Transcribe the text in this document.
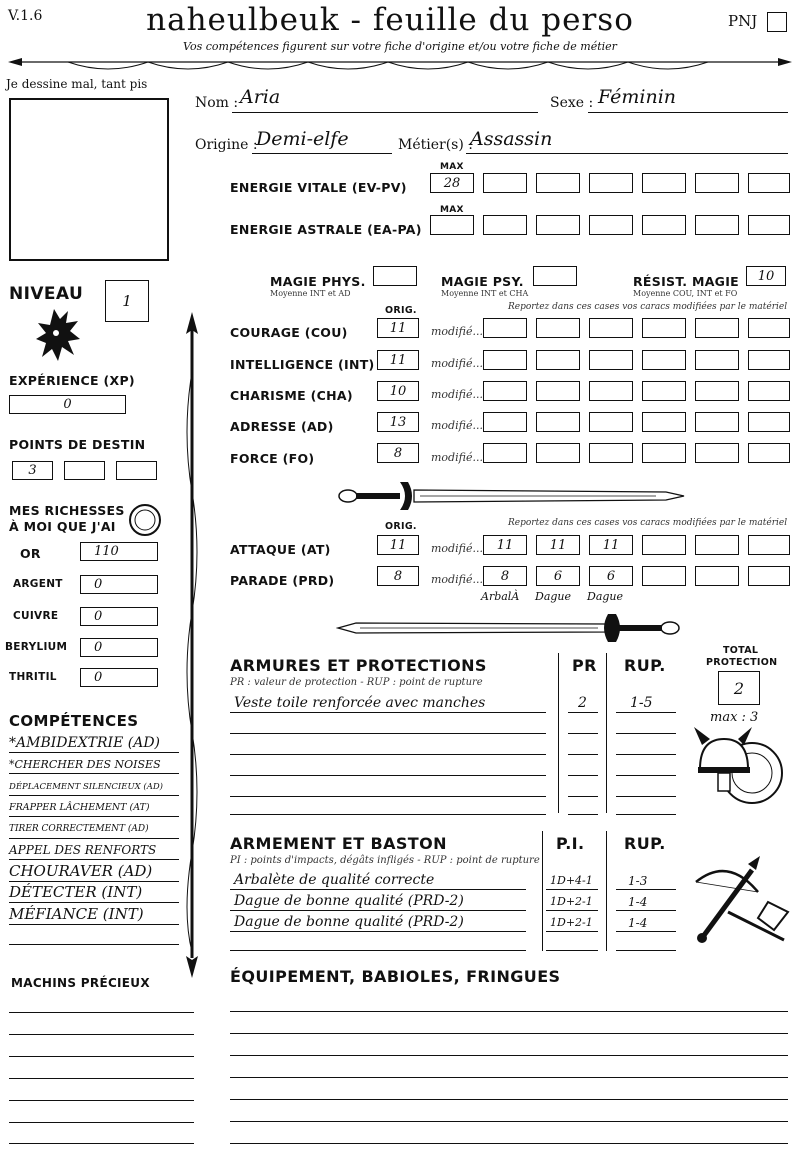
V.1.6	naheulbeuk - feuille du perso
Vos compétences figurent sur votre fiche d'origine et/ou votre fiche de métier
PNJ
Je dessine mal, tant pis
Nom : Aria	Sexe : Féminin
Origine :
Demi-elfe	Métier(s) :
Assassin
MAX
ENERGIE VITALE (EV-PV)	28
MAX
ENERGIE ASTRALE (EA-PA)
MAGIE PHYS.
Moyenne INT et AD
MAGIE PSY.
Moyenne INT et CHA
RÉSIST. MAGIE
Moyenne COU, INT et FO
10
NIVEAU	1
EXPÉRIENCE (XP)
0
POINTS DE DESTIN
3
MES RICHESSES
À MOI QUE J'AI
OR	110
ARGENT	0
CUIVRE	0
BERYLIUM	0
THRITIL	0
COMPÉTENCES
*AMBIDEXTRIE (AD)
*CHERCHER DES NOISES
DÉPLACEMENT SILENCIEUX (AD)
FRAPPER LÂCHEMENT (AT)
TIRER CORRECTEMENT (AD)
APPEL DES RENFORTS
CHOURAVER (AD)
DÉTECTER (INT)
MÉFIANCE (INT)
MACHINS PRÉCIEUX
ORIG.	Reportez dans ces cases vos caracs modifiées par le matériel
COURAGE (COU)	11	modifié...
INTELLIGENCE (INT)	11	modifié...
CHARISME (CHA)	10	modifié...
ADRESSE (AD)	13	modifié...
FORCE (FO)	8	modifié...
ORIG.	Reportez dans ces cases vos caracs modifiées par le matériel
ATTAQUE (AT)	11	modifié...	11	11	11
PARADE (PRD)	8	modifié...	8	6	6
ArbalÀ Dague Dague
ARMURES ET PROTECTIONS
PR : valeur de protection - RUP : point de rupture
PR RUP.
Veste toile renforcée avec manches	2	1-5
TOTAL
PROTECTION
2
max : 3
ARMEMENT ET BASTON
PI : points d'impacts, dégâts infligés - RUP : point de rupture
P.I. RUP.
Arbalète de qualité correcte	1D+4-1	1-3
Dague de bonne qualité (PRD-2)	1D+2-1	1-4
Dague de bonne qualité (PRD-2)	1D+2-1	1-4
ÉQUIPEMENT, BABIOLES, FRINGUES
